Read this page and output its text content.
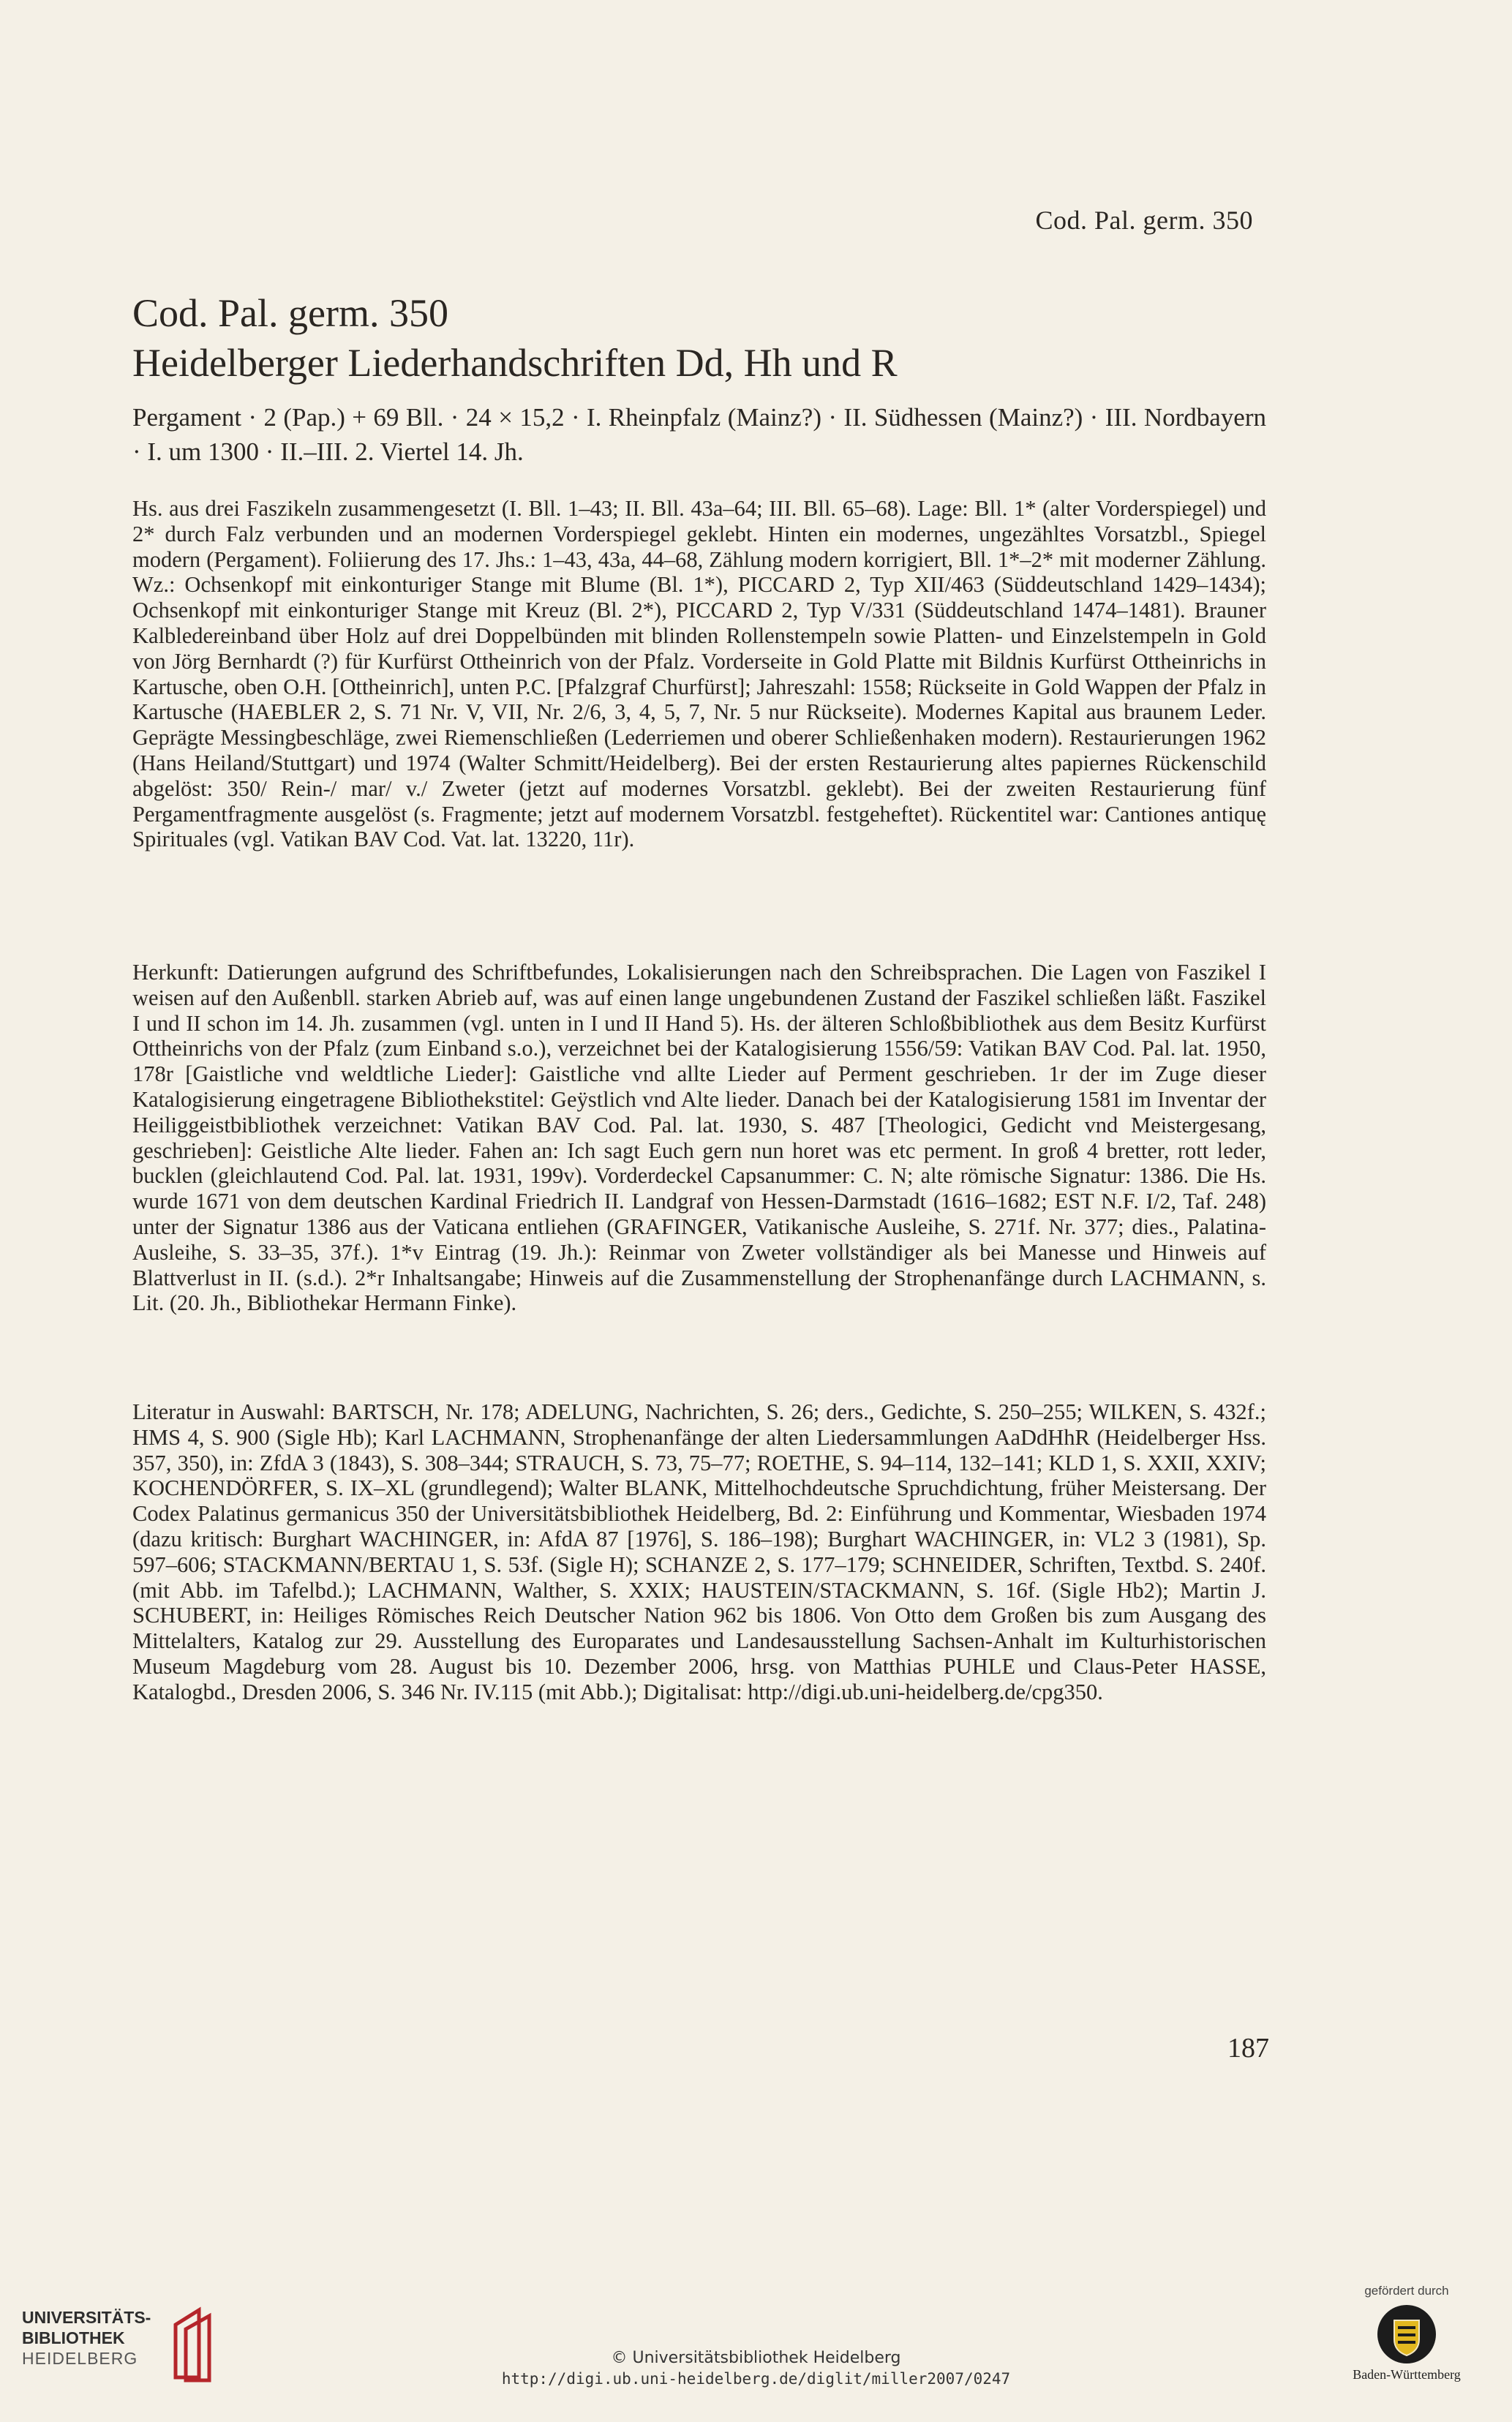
Cod. Pal. germ. 350
Cod. Pal. germ. 350
Heidelberger Liederhandschriften Dd, Hh und R

Pergament · 2 (Pap.) + 69 Bll. · 24 × 15,2 · I. Rheinpfalz (Mainz?) · II. Südhessen (Mainz?) · III. Nordbayern · I. um 1300 · II.–III. 2. Viertel 14. Jh.

Hs. aus drei Faszikeln zusammengesetzt (I. Bll. 1–43; II. Bll. 43a–64; III. Bll. 65–68). Lage: Bll. 1* (alter Vorderspiegel) und 2* durch Falz verbunden und an modernen Vorderspiegel geklebt. Hinten ein modernes, ungezähltes Vorsatzbl., Spiegel modern (Pergament). Foliierung des 17. Jhs.: 1–43, 43a, 44–68, Zählung modern korrigiert, Bll. 1*–2* mit moderner Zählung. Wz.: Ochsenkopf mit einkonturiger Stange mit Blume (Bl. 1*), PICCARD 2, Typ XII/463 (Süddeutschland 1429–1434); Ochsenkopf mit einkonturiger Stange mit Kreuz (Bl. 2*), PICCARD 2, Typ V/331 (Süddeutschland 1474–1481). Brauner Kalbledereinband über Holz auf drei Doppelbünden mit blinden Rollenstempeln sowie Platten- und Einzelstempeln in Gold von Jörg Bernhardt (?) für Kurfürst Ottheinrich von der Pfalz. Vorderseite in Gold Platte mit Bildnis Kurfürst Ottheinrichs in Kartusche, oben O.H. [Ottheinrich], unten P.C. [Pfalzgraf Churfürst]; Jahreszahl: 1558; Rückseite in Gold Wappen der Pfalz in Kartusche (HAEBLER 2, S. 71 Nr. V, VII, Nr. 2/6, 3, 4, 5, 7, Nr. 5 nur Rückseite). Modernes Kapital aus braunem Leder. Geprägte Messingbeschläge, zwei Riemenschließen (Lederriemen und oberer Schließenhaken modern). Restaurierungen 1962 (Hans Heiland/Stuttgart) und 1974 (Walter Schmitt/Heidelberg). Bei der ersten Restaurierung altes papiernes Rückenschild abgelöst: 350/ Rein-/ mar/ v./ Zweter (jetzt auf modernes Vorsatzbl. geklebt). Bei der zweiten Restaurierung fünf Pergamentfragmente ausgelöst (s. Fragmente; jetzt auf modernem Vorsatzbl. festgeheftet). Rückentitel war: Cantiones antiquę Spirituales (vgl. Vatikan BAV Cod. Vat. lat. 13220, 11r).

Herkunft: Datierungen aufgrund des Schriftbefundes, Lokalisierungen nach den Schreibsprachen. Die Lagen von Faszikel I weisen auf den Außenbll. starken Abrieb auf, was auf einen lange ungebundenen Zustand der Faszikel schließen läßt. Faszikel I und II schon im 14. Jh. zusammen (vgl. unten in I und II Hand 5). Hs. der älteren Schloßbibliothek aus dem Besitz Kurfürst Ottheinrichs von der Pfalz (zum Einband s.o.), verzeichnet bei der Katalogisierung 1556/59: Vatikan BAV Cod. Pal. lat. 1950, 178r [Gaistliche vnd weldtliche Lieder]: Gaistliche vnd allte Lieder auf Perment geschrieben. 1r der im Zuge dieser Katalogisierung eingetragene Bibliothekstitel: Geÿstlich vnd Alte lieder. Danach bei der Katalogisierung 1581 im Inventar der Heiliggeistbibliothek verzeichnet: Vatikan BAV Cod. Pal. lat. 1930, S. 487 [Theologici, Gedicht vnd Meistergesang, geschrieben]: Geistliche Alte lieder. Fahen an: Ich sagt Euch gern nun horet was etc perment. In groß 4 bretter, rott leder, bucklen (gleichlautend Cod. Pal. lat. 1931, 199v). Vorderdeckel Capsanummer: C. N; alte römische Signatur: 1386. Die Hs. wurde 1671 von dem deutschen Kardinal Friedrich II. Landgraf von Hessen-Darmstadt (1616–1682; EST N.F. I/2, Taf. 248) unter der Signatur 1386 aus der Vaticana entliehen (GRAFINGER, Vatikanische Ausleihe, S. 271f. Nr. 377; dies., Palatina-Ausleihe, S. 33–35, 37f.). 1*v Eintrag (19. Jh.): Reinmar von Zweter vollständiger als bei Manesse und Hinweis auf Blattverlust in II. (s.d.). 2*r Inhaltsangabe; Hinweis auf die Zusammenstellung der Strophenanfänge durch LACHMANN, s. Lit. (20. Jh., Bibliothekar Hermann Finke).

Literatur in Auswahl: BARTSCH, Nr. 178; ADELUNG, Nachrichten, S. 26; ders., Gedichte, S. 250–255; WILKEN, S. 432f.; HMS 4, S. 900 (Sigle Hb); Karl LACHMANN, Strophenanfänge der alten Liedersammlungen AaDdHhR (Heidelberger Hss. 357, 350), in: ZfdA 3 (1843), S. 308–344; STRAUCH, S. 73, 75–77; ROETHE, S. 94–114, 132–141; KLD 1, S. XXII, XXIV; KOCHENDÖRFER, S. IX–XL (grundlegend); Walter BLANK, Mittelhochdeutsche Spruchdichtung, früher Meistersang. Der Codex Palatinus germanicus 350 der Universitätsbibliothek Heidelberg, Bd. 2: Einführung und Kommentar, Wiesbaden 1974 (dazu kritisch: Burghart WACHINGER, in: AfdA 87 [1976], S. 186–198); Burghart WACHINGER, in: VL2 3 (1981), Sp. 597–606; STACKMANN/BERTAU 1, S. 53f. (Sigle H); SCHANZE 2, S. 177–179; SCHNEIDER, Schriften, Textbd. S. 240f. (mit Abb. im Tafelbd.); LACHMANN, Walther, S. XXIX; HAUSTEIN/STACKMANN, S. 16f. (Sigle Hb2); Martin J. SCHUBERT, in: Heiliges Römisches Reich Deutscher Nation 962 bis 1806. Von Otto dem Großen bis zum Ausgang des Mittelalters, Katalog zur 29. Ausstellung des Europarates und Landesausstellung Sachsen-Anhalt im Kulturhistorischen Museum Magdeburg vom 28. August bis 10. Dezember 2006, hrsg. von Matthias PUHLE und Claus-Peter HASSE, Katalogbd., Dresden 2006, S. 346 Nr. IV.115 (mit Abb.); Digitalisat: http://digi.ub.uni-heidelberg.de/cpg350.

187
UNIVERSITÄTS-
BIBLIOTHEK
HEIDELBERG	© Universitätsbibliothek Heidelberg
http://digi.ub.uni-heidelberg.de/diglit/miller2007/0247
gefördert durch
Baden-Württemberg
